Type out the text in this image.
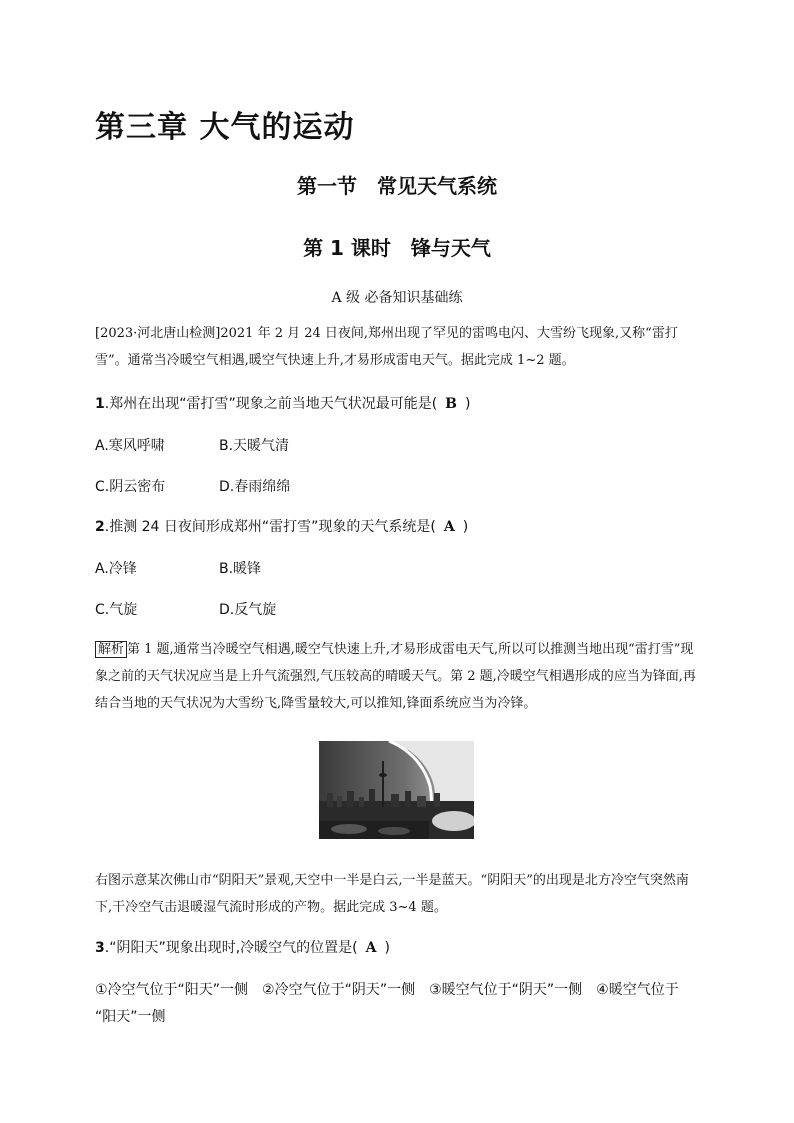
第三章 大气的运动
第一节　常见天气系统
第 1 课时　锋与天气
A 级 必备知识基础练
[2023·河北唐山检测]2021 年 2 月 24 日夜间,郑州出现了罕见的雷鸣电闪、大雪纷飞现象,又称“雷打雪”。通常当冷暖空气相遇,暖空气快速上升,才易形成雷电天气。据此完成 1~2 题。
1.郑州在出现“雷打雪”现象之前当地天气状况最可能是( B )
A.寒风呼啸	B.天暖气清
C.阴云密布	D.春雨绵绵
2.推测 24 日夜间形成郑州“雷打雪”现象的天气系统是( A )
A.冷锋	B.暖锋
C.气旋	D.反气旋
解析 第 1 题,通常当冷暖空气相遇,暖空气快速上升,才易形成雷电天气,所以可以推测当地出现“雷打雪”现象之前的天气状况应当是上升气流强烈,气压较高的晴暖天气。第 2 题,冷暖空气相遇形成的应当为锋面,再结合当地的天气状况为大雪纷飞,降雪量较大,可以推知,锋面系统应当为冷锋。
右图示意某次佛山市“阴阳天”景观,天空中一半是白云,一半是蓝天。“阴阳天”的出现是北方冷空气突然南下,干冷空气击退暖湿气流时形成的产物。据此完成 3~4 题。
3.“阴阳天”现象出现时,冷暖空气的位置是( A )
①冷空气位于“阳天”一侧　②冷空气位于“阴天”一侧　③暖空气位于“阴天”一侧　④暖空气位于
“阳天”一侧
